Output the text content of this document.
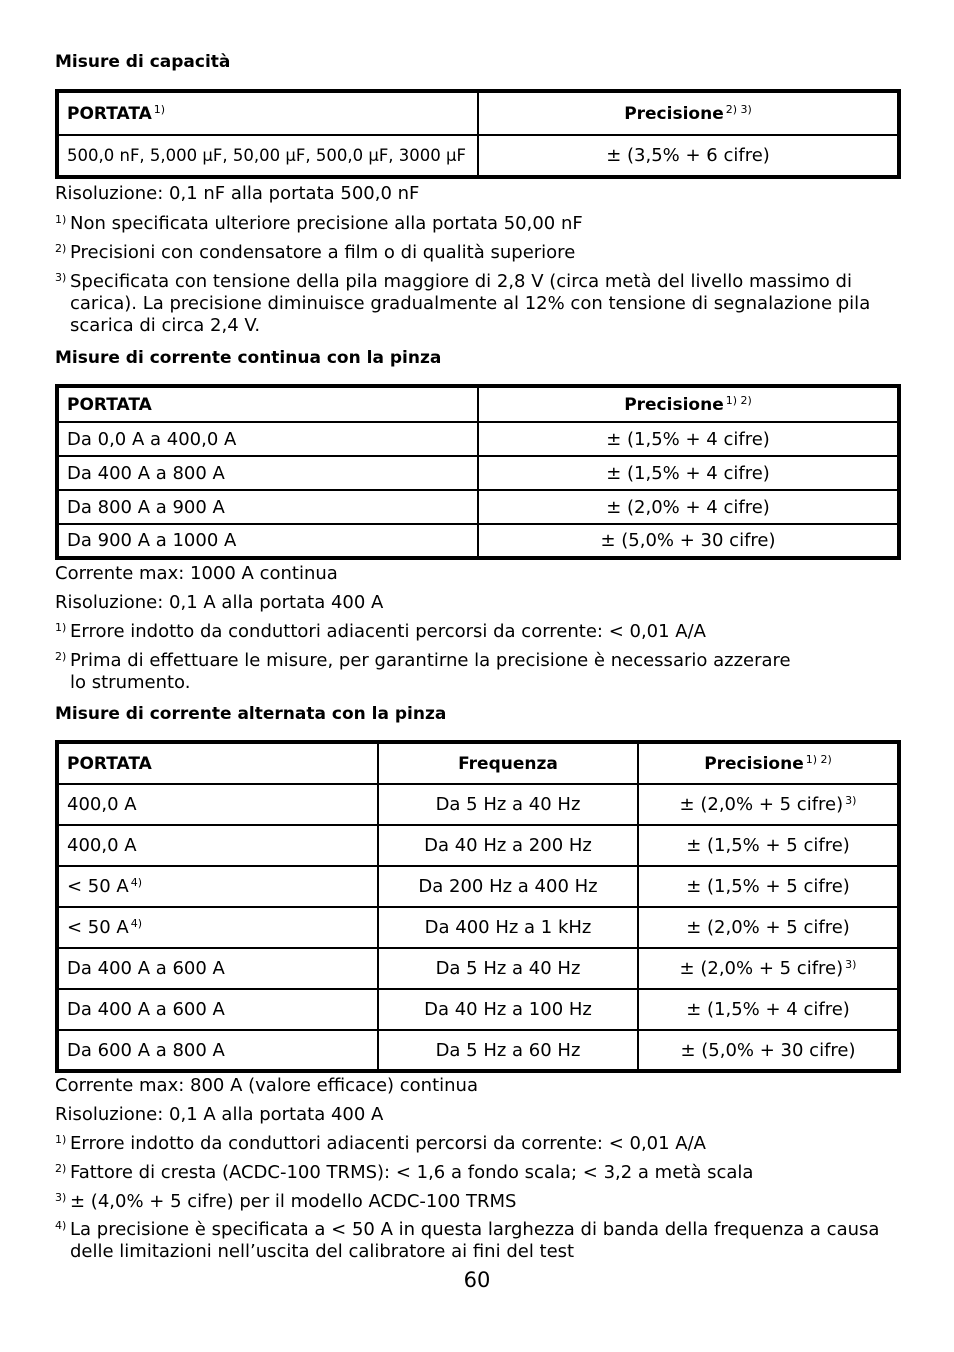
Misure di capacità
PORTATA $^{1)}$	Precisione $^{2) 3)}$
500,0 nF, 5,000 µF, 50,00 µF, 500,0 µF, 3000 µF	± (3,5% + 6 cifre)
Risoluzione: 0,1 nF alla portata 500,0 nF
1) Non specificata ulteriore precisione alla portata 50,00 nF
2) Precisioni con condensatore a film o di qualità superiore
3) Specificata con tensione della pila maggiore di 2,8 V (circa metà del livello massimo di carica). La precisione diminuisce gradualmente al 12% con tensione di segnalazione pila scarica di circa 2,4 V.
Misure di corrente continua con la pinza
PORTATA	Precisione $^{1) 2)}$
Da 0,0 A a 400,0 A	± (1,5% + 4 cifre)
Da 400 A a 800 A	± (1,5% + 4 cifre)
Da 800 A a 900 A	± (2,0% + 4 cifre)
Da 900 A a 1000 A	± (5,0% + 30 cifre)
Corrente max: 1000 A continua
Risoluzione: 0,1 A alla portata 400 A
1) Errore indotto da conduttori adiacenti percorsi da corrente: < 0,01 A/A
2) Prima di effettuare le misure, per garantirne la precisione è necessario azzerare lo strumento.
Misure di corrente alternata con la pinza
PORTATA	Frequenza	Precisione $^{1) 2)}$
400,0 A	Da 5 Hz a 40 Hz	± (2,0% + 5 cifre) $^{3)}$
400,0 A	Da 40 Hz a 200 Hz	± (1,5% + 5 cifre)
< 50 A $^{4)}$	Da 200 Hz a 400 Hz	± (1,5% + 5 cifre)
< 50 A $^{4)}$	Da 400 Hz a 1 kHz	± (2,0% + 5 cifre)
Da 400 A a 600 A	Da 5 Hz a 40 Hz	± (2,0% + 5 cifre) $^{3)}$
Da 400 A a 600 A	Da 40 Hz a 100 Hz	± (1,5% + 4 cifre)
Da 600 A a 800 A	Da 5 Hz a 60 Hz	± (5,0% + 30 cifre)
Corrente max: 800 A (valore efficace) continua
Risoluzione: 0,1 A alla portata 400 A
1) Errore indotto da conduttori adiacenti percorsi da corrente: < 0,01 A/A
2) Fattore di cresta (ACDC-100 TRMS): < 1,6 a fondo scala; < 3,2 a metà scala
3) ± (4,0% + 5 cifre) per il modello ACDC-100 TRMS
4) La precisione è specificata a < 50 A in questa larghezza di banda della frequenza a causa delle limitazioni nell’uscita del calibratore ai fini del test
60
